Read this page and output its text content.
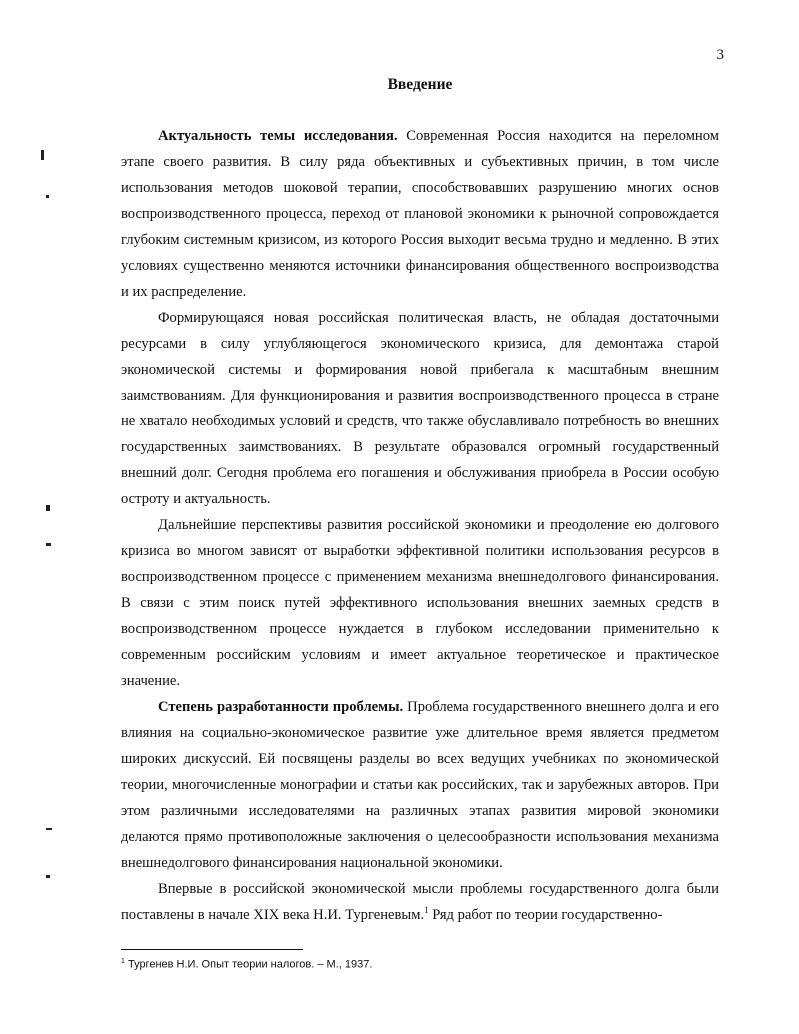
3

Введение

Актуальность темы исследования. Современная Россия находится на переломном этапе своего развития. В силу ряда объективных и субъективных причин, в том числе использования методов шоковой терапии, способствовавших разрушению многих основ воспроизводственного процесса, переход от плановой экономики к рыночной сопровождается глубоким системным кризисом, из которого Россия выходит весьма трудно и медленно. В этих условиях существенно меняются источники финансирования общественного воспроизводства и их распределение.

Формирующаяся новая российская политическая власть, не обладая достаточными ресурсами в силу углубляющегося экономического кризиса, для демонтажа старой экономической системы и формирования новой прибегала к масштабным внешним заимствованиям. Для функционирования и развития воспроизводственного процесса в стране не хватало необходимых условий и средств, что также обуславливало потребность во внешних государственных заимствованиях. В результате образовался огромный государственный внешний долг. Сегодня проблема его погашения и обслуживания приобрела в России особую остроту и актуальность.

Дальнейшие перспективы развития российской экономики и преодоление ею долгового кризиса во многом зависят от выработки эффективной политики использования ресурсов в воспроизводственном процессе с применением механизма внешнедолгового финансирования. В связи с этим поиск путей эффективного использования внешних заемных средств в воспроизводственном процессе нуждается в глубоком исследовании применительно к современным российским условиям и имеет актуальное теоретическое и практическое значение.

Степень разработанности проблемы. Проблема государственного внешнего долга и его влияния на социально-экономическое развитие уже длительное время является предметом широких дискуссий. Ей посвящены разделы во всех ведущих учебниках по экономической теории, многочисленные монографии и статьи как российских, так и зарубежных авторов. При этом различными исследователями на различных этапах развития мировой экономики делаются прямо противоположные заключения о целесообразности использования механизма внешнедолгового финансирования национальной экономики.

Впервые в российской экономической мысли проблемы государственного долга были поставлены в начале XIX века Н.И. Тургеневым.$^1$ Ряд работ по теории государственно-

$^1$ Тургенев Н.И. Опыт теории налогов. – М., 1937.
